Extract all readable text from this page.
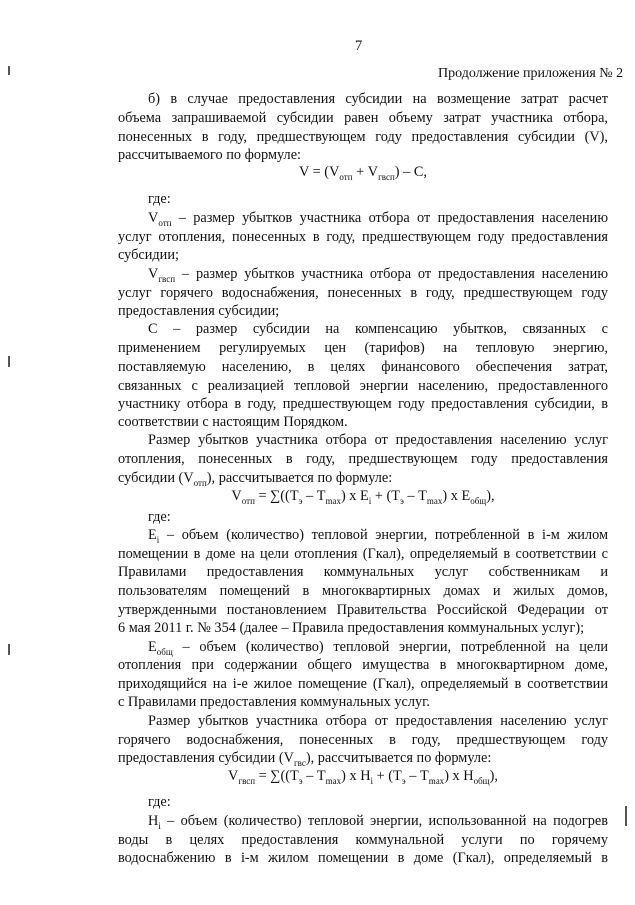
7
Продолжение приложения № 2

б) в случае предоставления субсидии на возмещение затрат расчет

объема запрашиваемой субсидии равен объему затрат участника отбора,

понесенных в году, предшествующем году предоставления субсидии (V),

рассчитываемого по формуле:

$V = (V_{отп} + V_{гвсп}) - C$,

где:

$V_{отп}$ – размер убытков участника отбора от предоставления населению

услуг отопления, понесенных в году, предшествующем году предоставления

субсидии;

$V_{гвсп}$ – размер убытков участника отбора от предоставления населению

услуг горячего водоснабжения, понесенных в году, предшествующем году

предоставления субсидии;

C – размер субсидии на компенсацию убытков, связанных с

применением регулируемых цен (тарифов) на тепловую энергию,

поставляемую населению, в целях финансового обеспечения затрат,

связанных с реализацией тепловой энергии населению, предоставленного

участнику отбора в году, предшествующем году предоставления субсидии, в

соответствии с настоящим Порядком.

Размер убытков участника отбора от предоставления населению услуг

отопления, понесенных в году, предшествующем году предоставления

субсидии $(V_{отп})$, рассчитывается по формуле:

$V_{отп} = \sum((T_э - T_{max})$ x $E_i + (T_э - T_{max})$ x $E_{общ}$),

где:

$E_i$ – объем (количество) тепловой энергии, потребленной в i-м жилом

помещении в доме на цели отопления (Гкал), определяемый в соответствии с

Правилами предоставления коммунальных услуг собственникам и

пользователям помещений в многоквартирных домах и жилых домов,

утвержденными постановлением Правительства Российской Федерации от

6 мая 2011 г. № 354 (далее – Правила предоставления коммунальных услуг);

$E_{общ}$ – объем (количество) тепловой энергии, потребленной на цели

отопления при содержании общего имущества в многоквартирном доме,

приходящийся на i-е жилое помещение (Гкал), определяемый в соответствии

с Правилами предоставления коммунальных услуг.

Размер убытков участника отбора от предоставления населению услуг

горячего водоснабжения, понесенных в году, предшествующем году

предоставления субсидии $(V_{гвс})$, рассчитывается по формуле:

$V_{гвсп} = \sum((T_э - T_{max})$ x $H_i + (T_э - T_{max})$ x $H_{общ}$),

где:

$H_i$ – объем (количество) тепловой энергии, использованной на подогрев

воды в целях предоставления коммунальной услуги по горячему

водоснабжению в i-м жилом помещении в доме (Гкал), определяемый в
